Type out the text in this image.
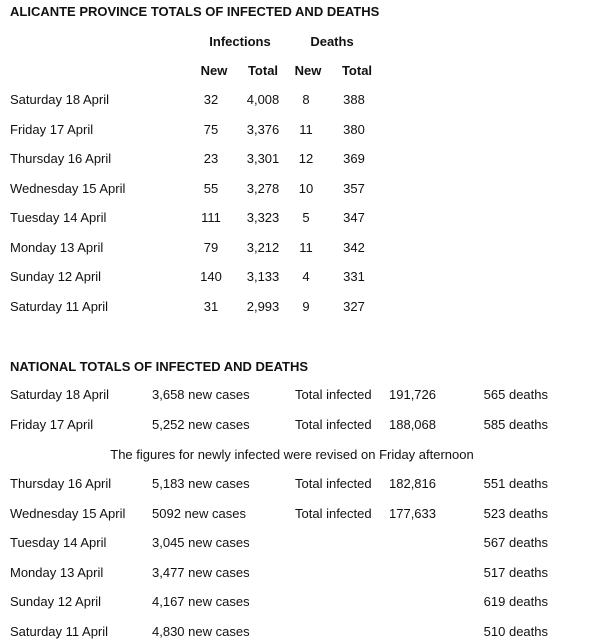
ALICANTE PROVINCE TOTALS OF INFECTED AND DEATHS
Infections	Deaths
New Total New Total
Saturday 18 April	32 4,008 8	388
Friday 17 April	75 3,376 11 380
Thursday 16 April	23 3,301 12 369
Wednesday 15 April	55 3,278 10 357
Tuesday 14 April	111 3,323 5	347
Monday 13 April	79 3,212 11 342
Sunday 12 April	140 3,133 4	331
Saturday 11 April	31 2,993 9	327
NATIONAL TOTALS OF INFECTED AND DEATHS
Saturday 18 April	3,658 new cases	Total infected 191,726	565 deaths
Friday 17 April	5,252 new cases	Total infected 188,068	585 deaths
Thursday 16 April	5,183 new cases	Total infected 182,816	551 deaths
Wednesday 15 April 5092 new cases	Total infected 177,633	523 deaths
Tuesday 14 April	3,045 new cases	567 deaths
Monday 13 April	3,477 new cases	517 deaths
Sunday 12 April	4,167 new cases	619 deaths
Saturday 11 April	4,830 new cases	510 deaths
The figures for newly infected were revised on Friday afternoon
